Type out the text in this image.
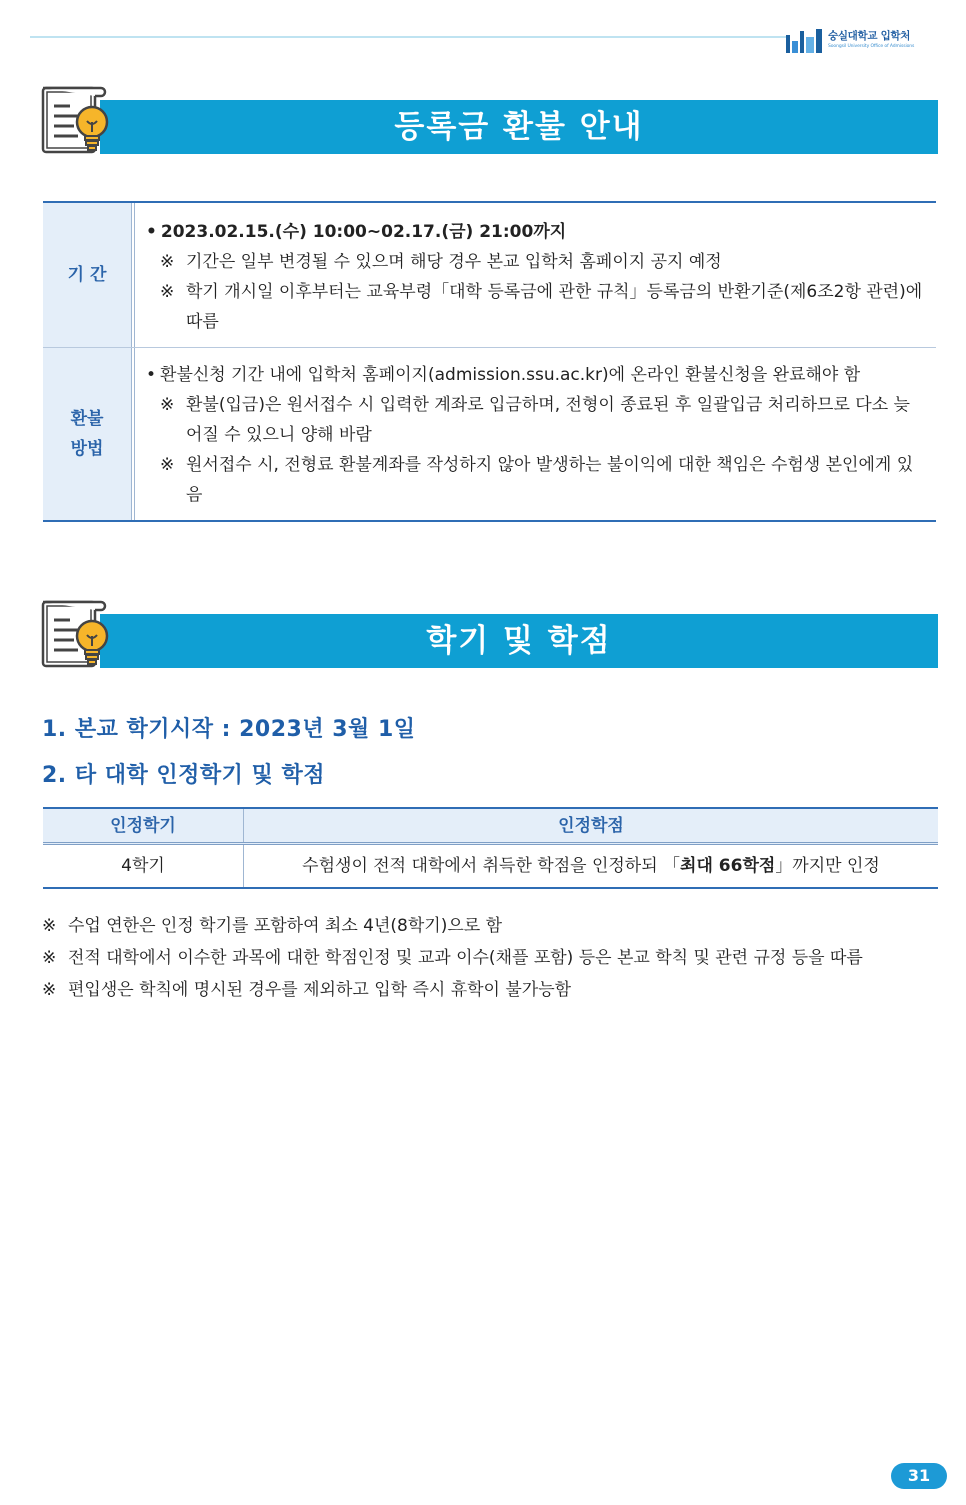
숭실대학교 입학처
Soongsil University Office of Admissions
등록금 환불 안내
기 간
• 2023.02.15.(수) 10:00~02.17.(금) 21:00까지
※ 기간은 일부 변경될 수 있으며 해당 경우 본교 입학처 홈페이지 공지 예정
※ 학기 개시일 이후부터는 교육부령「대학 등록금에 관한 규칙」등록금의 반환기준(제6조2항 관련)에 따름
환불
방법
• 환불신청 기간 내에 입학처 홈페이지(admission.ssu.ac.kr)에 온라인 환불신청을 완료해야 함
※ 환불(입금)은 원서접수 시 입력한 계좌로 입금하며, 전형이 종료된 후 일괄입금 처리하므로 다소 늦어질 수 있으니 양해 바람
※ 원서접수 시, 전형료 환불계좌를 작성하지 않아 발생하는 불이익에 대한 책임은 수험생 본인에게 있음
학기 및 학점
1. 본교 학기시작 : 2023년 3월 1일
2. 타 대학 인정학기 및 학점
인정학기	인정학점
4학기	수험생이 전적 대학에서 취득한 학점을 인정하되 「최대 66학점」까지만 인정
※ 수업 연한은 인정 학기를 포함하여 최소 4년(8학기)으로 함
※ 전적 대학에서 이수한 과목에 대한 학점인정 및 교과 이수(채플 포함) 등은 본교 학칙 및 관련 규정 등을 따름
※ 편입생은 학칙에 명시된 경우를 제외하고 입학 즉시 휴학이 불가능함
31
